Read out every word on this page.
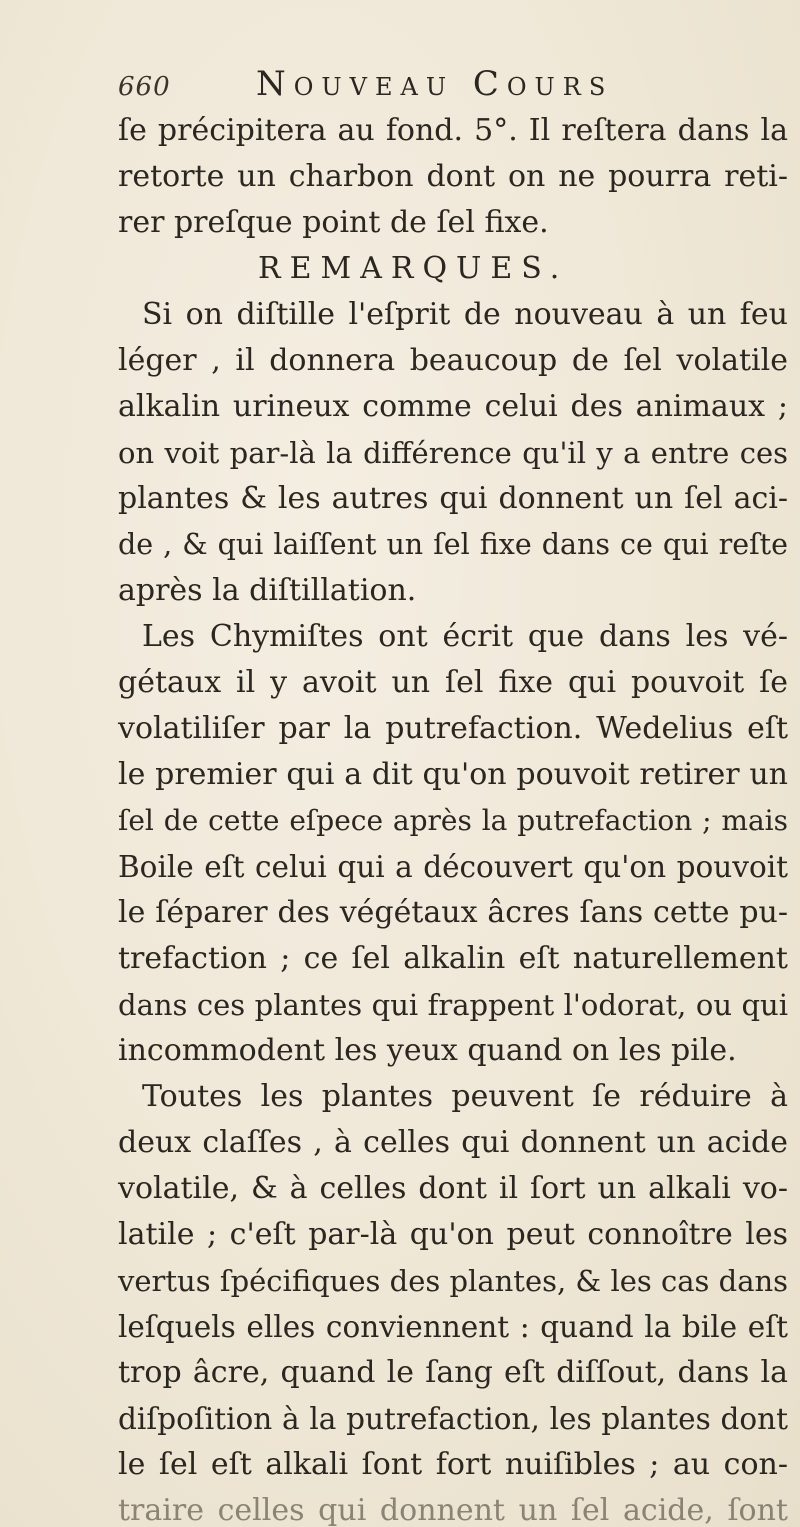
660	Nouveau Cours
ſe précipitera au fond. 5°. Il reſtera dans la
retorte un charbon dont on ne pourra reti-
rer preſque point de ſel fixe.
REMARQUES.
Si on diſtille l'eſprit de nouveau à un feu
léger , il donnera beaucoup de ſel volatile
alkalin urineux comme celui des animaux ;
on voit par-là la différence qu'il y a entre ces
plantes & les autres qui donnent un ſel aci-
de , & qui laiſſent un ſel fixe dans ce qui reſte
après la diſtillation.
Les Chymiſtes ont écrit que dans les vé-
gétaux il y avoit un ſel fixe qui pouvoit ſe
volatiliſer par la putrefaction. Wedelius eſt
le premier qui a dit qu'on pouvoit retirer un
ſel de cette eſpece après la putrefaction ; mais
Boile eſt celui qui a découvert qu'on pouvoit
le ſéparer des végétaux âcres ſans cette pu-
trefaction ; ce ſel alkalin eſt naturellement
dans ces plantes qui frappent l'odorat, ou qui
incommodent les yeux quand on les pile.
Toutes les plantes peuvent ſe réduire à
deux claſſes , à celles qui donnent un acide
volatile, & à celles dont il ſort un alkali vo-
latile ; c'eſt par-là qu'on peut connoître les
vertus ſpécifiques des plantes, & les cas dans
leſquels elles conviennent : quand la bile eſt
trop âcre, quand le ſang eſt diſſout, dans la
diſpoſition à la putrefaction, les plantes dont
le ſel eſt alkali ſont fort nuiſibles ; au con-
traire celles qui donnent un ſel acide, ſont
